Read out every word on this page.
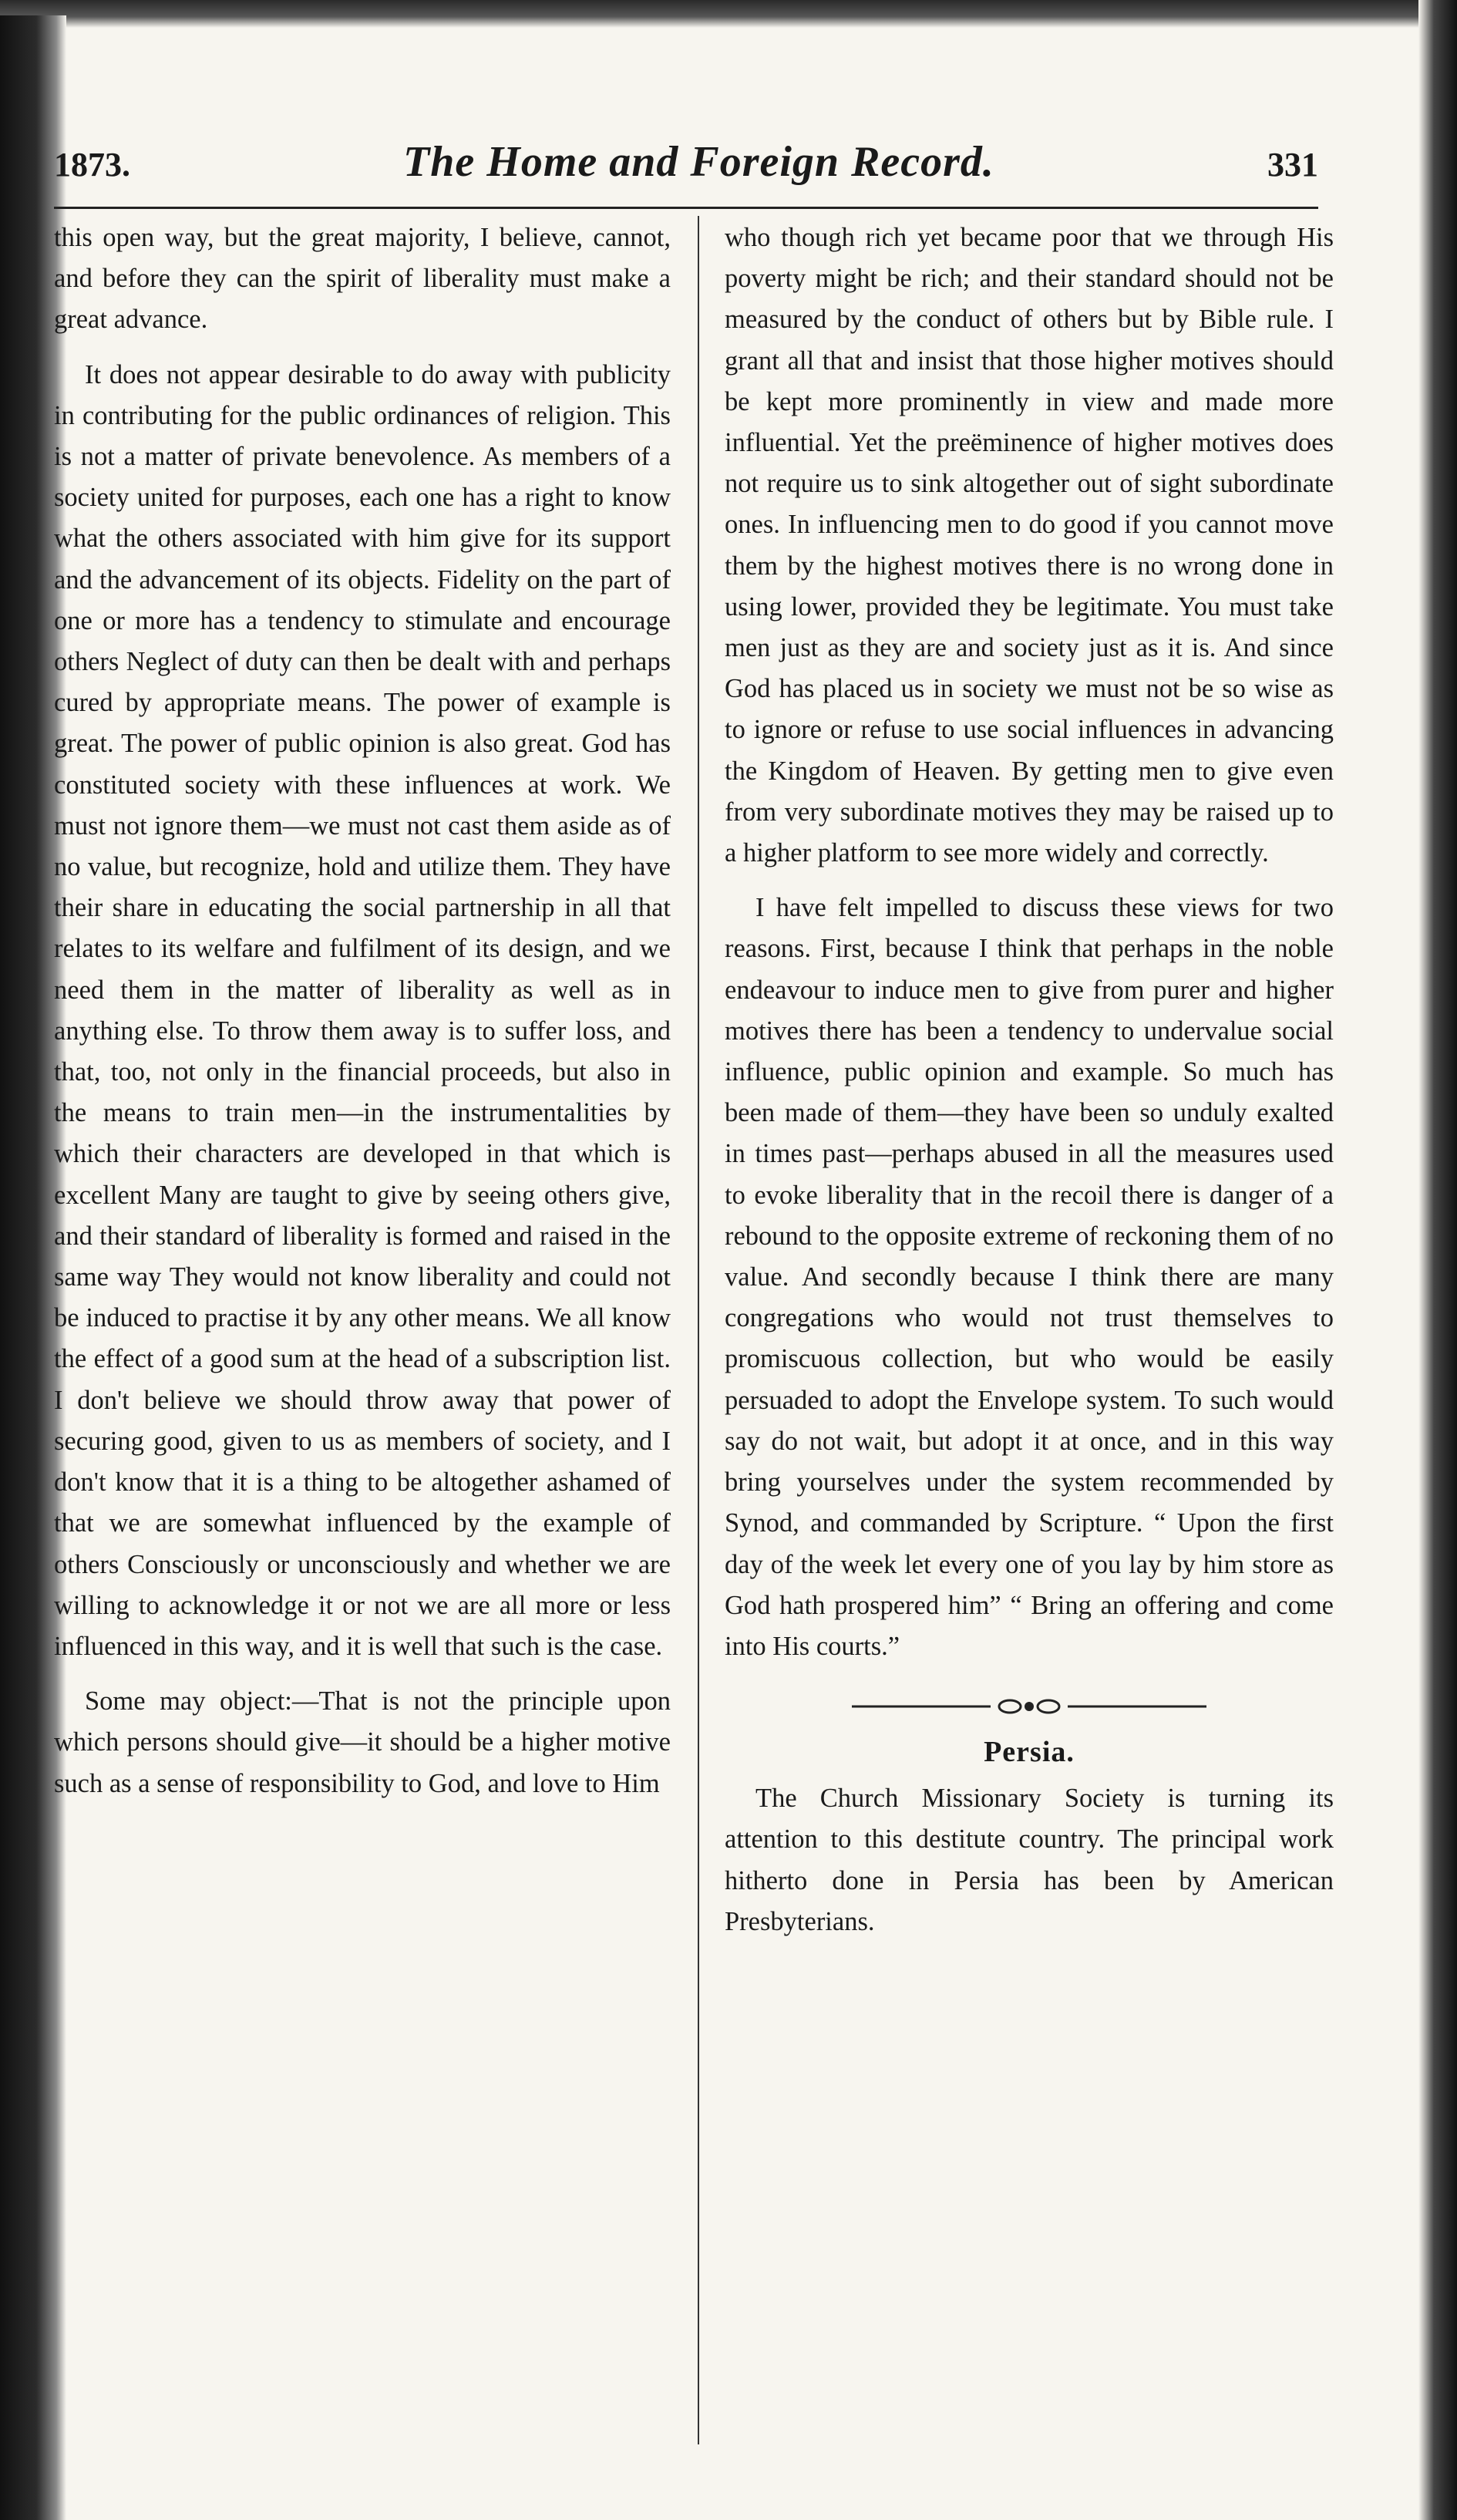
1873.	The Home and Foreign Record.	331

this open way, but the great majority, I believe, cannot, and before they can the spirit of liberality must make a great advance.

It does not appear desirable to do away with publicity in contributing for the public ordinances of religion. This is not a matter of private benevolence. As members of a society united for purposes, each one has a right to know what the others associated with him give for its support and the advancement of its objects. Fidelity on the part of one or more has a tendency to stimulate and encourage others Neglect of duty can then be dealt with and perhaps cured by appropriate means. The power of example is great. The power of public opinion is also great. God has constituted society with these influences at work. We must not ignore them—we must not cast them aside as of no value, but recognize, hold and utilize them. They have their share in educating the social partnership in all that relates to its welfare and fulfilment of its design, and we need them in the matter of liberality as well as in anything else. To throw them away is to suffer loss, and that, too, not only in the financial proceeds, but also in the means to train men—in the instrumentalities by which their characters are developed in that which is excellent Many are taught to give by seeing others give, and their standard of liberality is formed and raised in the same way They would not know liberality and could not be induced to practise it by any other means. We all know the effect of a good sum at the head of a subscription list. I don't believe we should throw away that power of securing good, given to us as members of society, and I don't know that it is a thing to be altogether ashamed of that we are somewhat influenced by the example of others Consciously or unconsciously and whether we are willing to acknowledge it or not we are all more or less influenced in this way, and it is well that such is the case.

Some may object:—That is not the principle upon which persons should give—it should be a higher motive such as a sense of responsibility to God, and love to Him

who though rich yet became poor that we through His poverty might be rich; and their standard should not be measured by the conduct of others but by Bible rule. I grant all that and insist that those higher motives should be kept more prominently in view and made more influential. Yet the preëminence of higher motives does not require us to sink altogether out of sight subordinate ones. In influencing men to do good if you cannot move them by the highest motives there is no wrong done in using lower, provided they be legitimate. You must take men just as they are and society just as it is. And since God has placed us in society we must not be so wise as to ignore or refuse to use social influences in advancing the Kingdom of Heaven. By getting men to give even from very subordinate motives they may be raised up to a higher platform to see more widely and correctly.

I have felt impelled to discuss these views for two reasons. First, because I think that perhaps in the noble endeavour to induce men to give from purer and higher motives there has been a tendency to undervalue social influence, public opinion and example. So much has been made of them—they have been so unduly exalted in times past—perhaps abused in all the measures used to evoke liberality that in the recoil there is danger of a rebound to the opposite extreme of reckoning them of no value. And secondly because I think there are many congregations who would not trust themselves to promiscuous collection, but who would be easily persuaded to adopt the Envelope system. To such would say do not wait, but adopt it at once, and in this way bring yourselves under the system recommended by Synod, and commanded by Scripture. “ Upon the first day of the week let every one of you lay by him store as God hath prospered him” “ Bring an offering and come into His courts.”

Persia.

The Church Missionary Society is turning its attention to this destitute country. The principal work hitherto done in Persia has been by American Presbyterians.
